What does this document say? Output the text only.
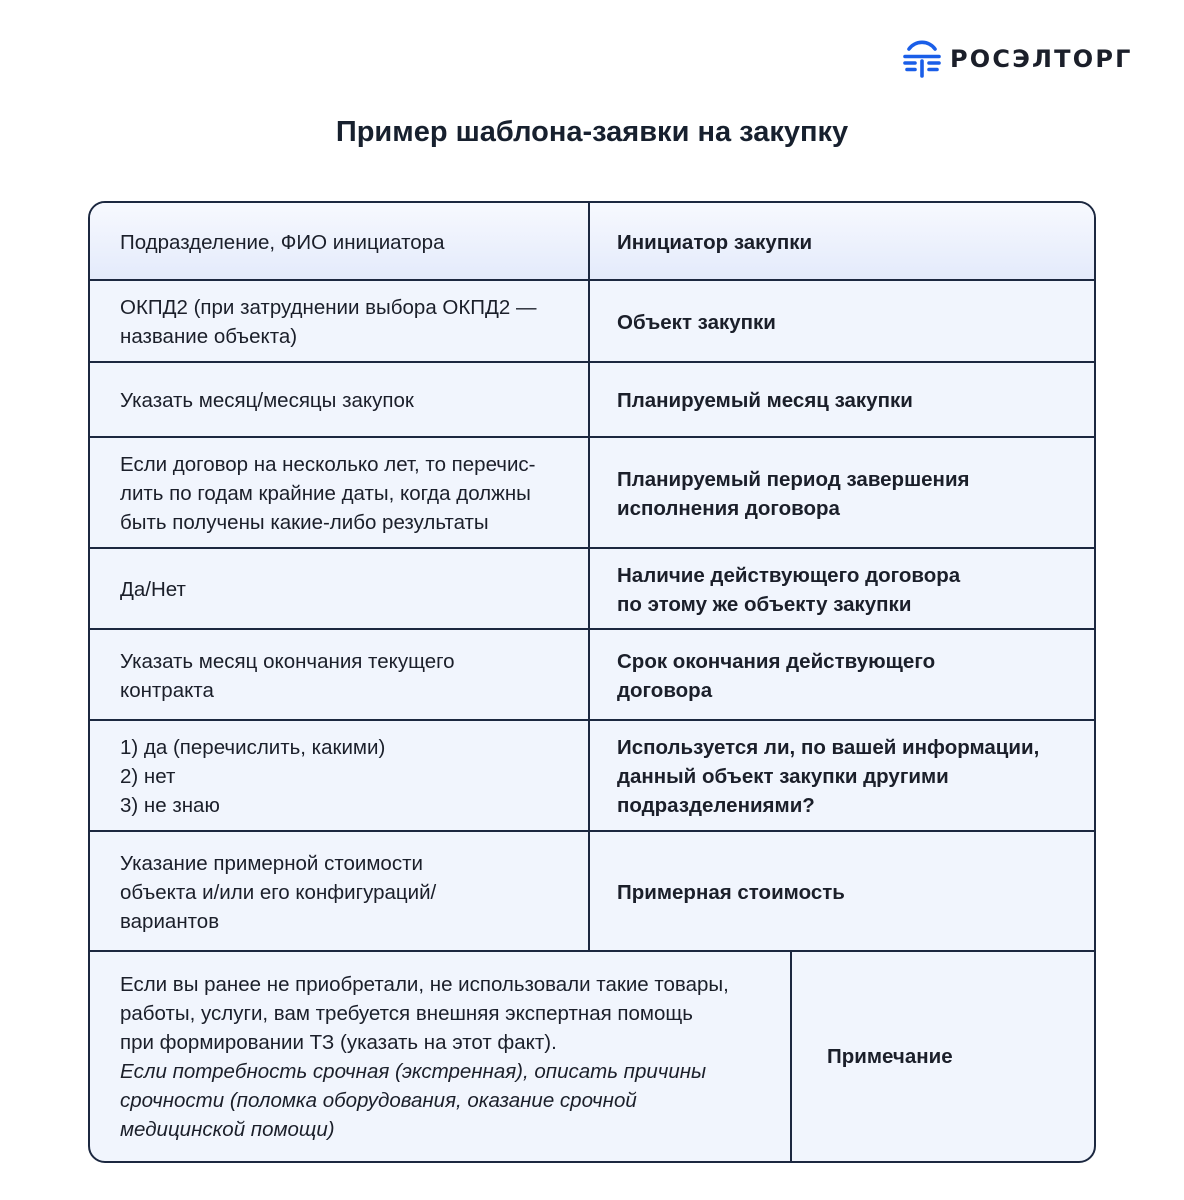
РОСЭЛТОРГ
Пример шаблона-заявки на закупку
Подразделение, ФИО инициатора	Инициатор закупки
ОКПД2 (при затруднении выбора ОКПД2 —
название объекта)
Объект закупки
Указать месяц/месяцы закупок	Планируемый месяц закупки
Если договор на несколько лет, то перечис-
лить по годам крайние даты, когда должны
быть получены какие-либо результаты
Планируемый период завершения
исполнения договора
Да/Нет
Наличие действующего договора
по этому же объекту закупки
Указать месяц окончания текущего
контракта
Срок окончания действующего
договора
1) да (перечислить, какими)
2) нет
3) не знаю
Используется ли, по вашей информации,
данный объект закупки другими
подразделениями?
Указание примерной стоимости
объекта и/или его конфигураций/
вариантов
Примерная стоимость
Если вы ранее не приобретали, не использовали такие товары,
работы, услуги, вам требуется внешняя экспертная помощь
при формировании ТЗ (указать на этот факт).
Если потребность срочная (экстренная), описать причины
срочности (поломка оборудования, оказание срочной
медицинской помощи)
Примечание
